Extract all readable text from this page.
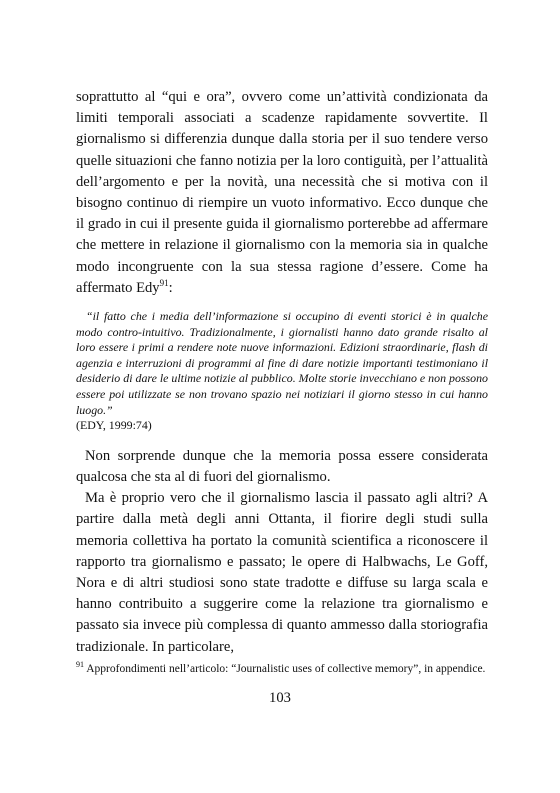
soprattutto al “qui e ora”, ovvero come un’attività condizionata da limiti temporali associati a scadenze rapidamente sovvertite. Il giornalismo si differenzia dunque dalla storia per il suo tendere verso quelle situazioni che fanno notizia per la loro contiguità, per l’attualità dell’argomento e per la novità, una necessità che si motiva con il bisogno continuo di riempire un vuoto informativo. Ecco dunque che il grado in cui il presente guida il giornalismo porterebbe ad affermare che mettere in relazione il giornalismo con la memoria sia in qualche modo incongruente con la sua stessa ragione d’essere. Come ha affermato Edy$^{91}$:

“il fatto che i media dell’informazione si occupino di eventi storici è in qualche modo contro-intuitivo. Tradizionalmente, i giornalisti hanno dato grande risalto al loro essere i primi a rendere note nuove informazioni. Edizioni straordinarie, flash di agenzia e interruzioni di programmi al fine di dare notizie importanti testimoniano il desiderio di dare le ultime notizie al pubblico. Molte storie invecchiano e non possono essere poi utilizzate se non trovano spazio nei notiziari il giorno stesso in cui hanno luogo.”
(EDY, 1999:74)

Non sorprende dunque che la memoria possa essere considerata qualcosa che sta al di fuori del giornalismo.

Ma è proprio vero che il giornalismo lascia il passato agli altri? A partire dalla metà degli anni Ottanta, il fiorire degli studi sulla memoria collettiva ha portato la comunità scientifica a riconoscere il rapporto tra giornalismo e passato; le opere di Halbwachs, Le Goff, Nora e di altri studiosi sono state tradotte e diffuse su larga scala e hanno contribuito a suggerire come la relazione tra giornalismo e passato sia invece più complessa di quanto ammesso dalla storiografia tradizionale. In particolare,

$^{91}$ Approfondimenti nell’articolo: “Journalistic uses of collective memory”, in appendice.
103
